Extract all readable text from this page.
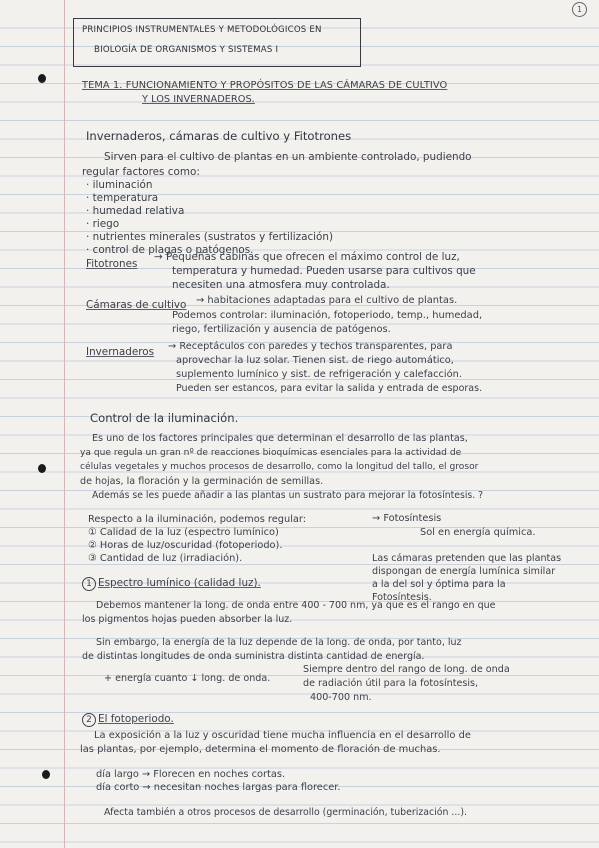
1
PRINCIPIOS INSTRUMENTALES Y METODOLÓGICOS EN
BIOLOGÍA DE ORGANISMOS Y SISTEMAS I
TEMA 1. FUNCIONAMIENTO Y PROPÓSITOS DE LAS CÁMARAS DE CULTIVO
Y LOS INVERNADEROS.
Invernaderos, cámaras de cultivo y Fitotrones
Sirven para el cultivo de plantas en un ambiente controlado, pudiendo
regular factores como:
· iluminación
· temperatura
· humedad relativa
· riego
· nutrientes minerales (sustratos y fertilización)
· control de plagas o patógenos.
Fitotrones
→ Pequeñas cabinas que ofrecen el máximo control de luz,
temperatura y humedad. Pueden usarse para cultivos que
necesiten una atmosfera muy controlada.
Cámaras de cultivo → habitaciones adaptadas para el cultivo de plantas.
Podemos controlar: iluminación, fotoperiodo, temp., humedad,
riego, fertilización y ausencia de patógenos.
Invernaderos → Receptáculos con paredes y techos transparentes, para
aprovechar la luz solar. Tienen sist. de riego automático,
suplemento lumínico y sist. de refrigeración y calefacción.
Pueden ser estancos, para evitar la salida y entrada de esporas.
Control de la iluminación.
Es uno de los factores principales que determinan el desarrollo de las plantas,
ya que regula un gran nº de reacciones bioquímicas esenciales para la actividad de
células vegetales y muchos procesos de desarrollo, como la longitud del tallo, el grosor
de hojas, la floración y la germinación de semillas.
Además se les puede añadir a las plantas un sustrato para mejorar la fotosíntesis. ?
Respecto a la iluminación, podemos regular:
① Calidad de la luz (espectro lumínico)
② Horas de luz/oscuridad (fotoperiodo).
③ Cantidad de luz (irradiación).
→ Fotosíntesis
Sol en energía química.
Las cámaras pretenden que las plantas
dispongan de energía lumínica similar
a la del sol y óptima para la
Fotosíntesis.
1 Espectro lumínico (calidad luz).
Debemos mantener la long. de onda entre 400 - 700 nm, ya que es el rango en que
los pigmentos hojas pueden absorber la luz.
Sin embargo, la energía de la luz depende de la long. de onda, por tanto, luz
de distintas longitudes de onda suministra distinta cantidad de energía.
+ energía cuanto ↓ long. de onda.
Siempre dentro del rango de long. de onda
de radiación útil para la fotosíntesis,
400-700 nm.
2 El fotoperiodo.
La exposición a la luz y oscuridad tiene mucha influencia en el desarrollo de
las plantas, por ejemplo, determina el momento de floración de muchas.
día largo → Florecen en noches cortas.
día corto → necesitan noches largas para florecer.
Afecta también a otros procesos de desarrollo (germinación, tuberización ...).
